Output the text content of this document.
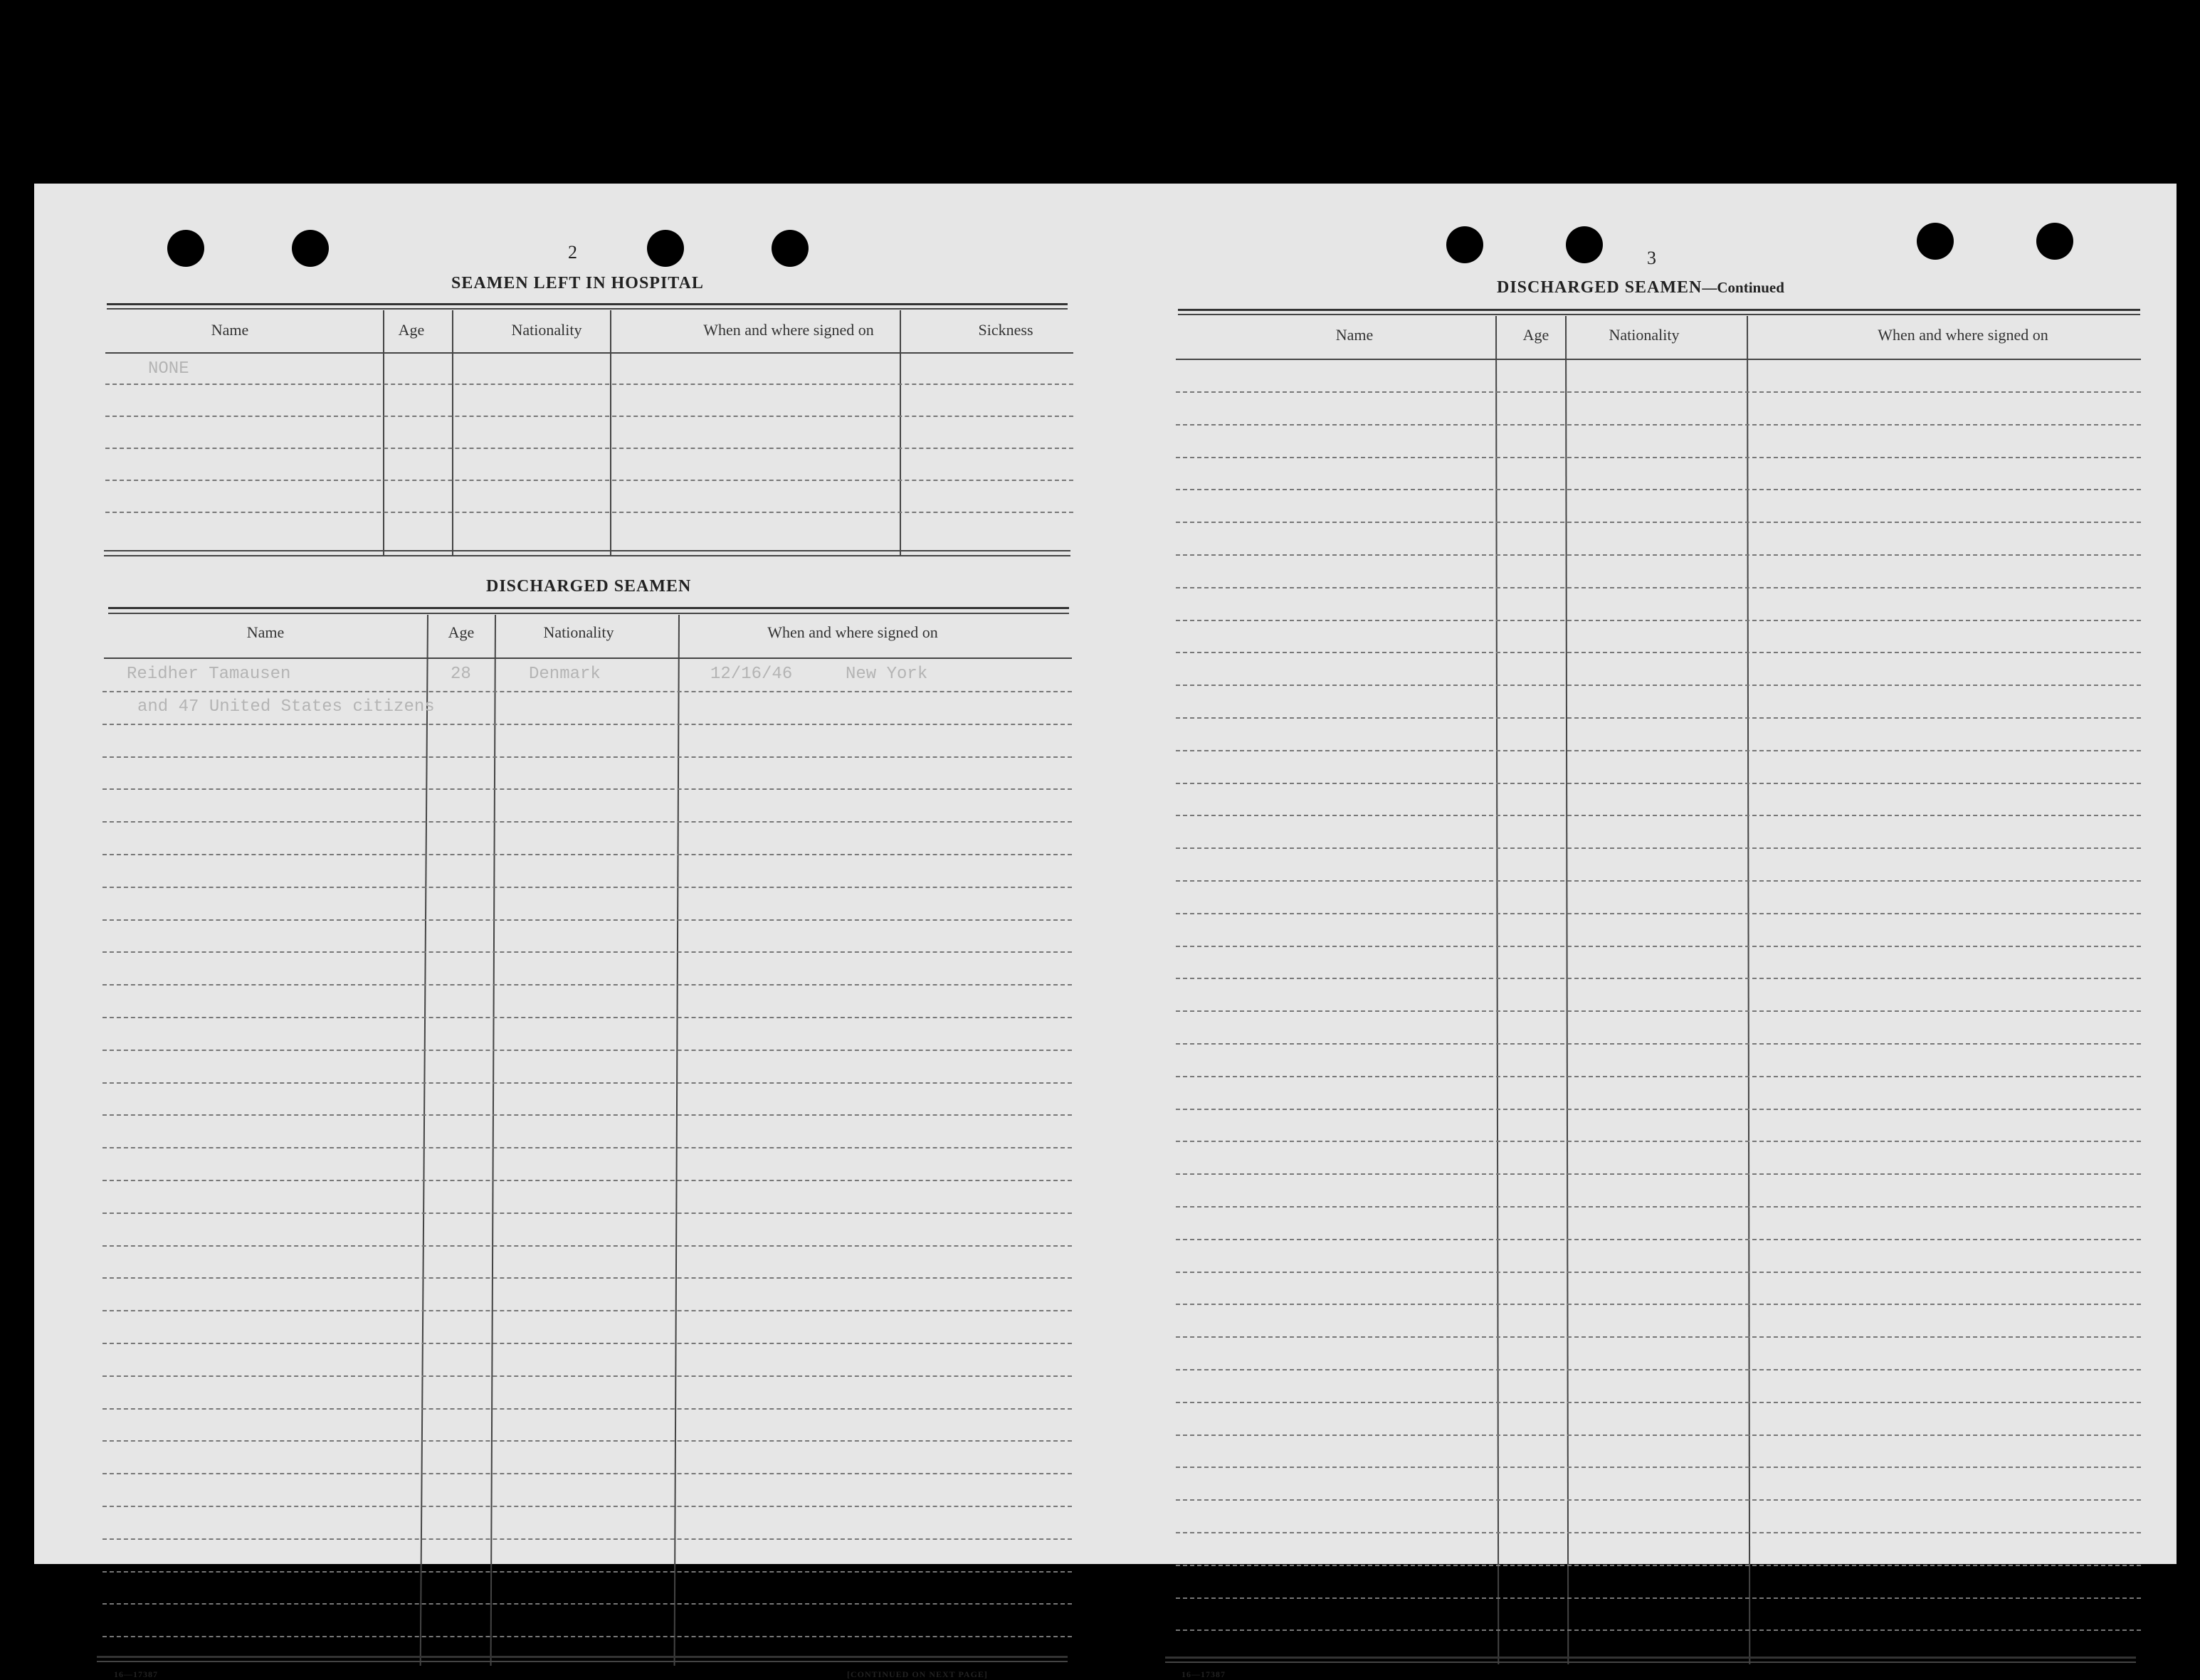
2
SEAMEN LEFT IN HOSPITAL
Name	Age	Nationality	When and where signed on	Sickness
NONE
DISCHARGED SEAMEN
Name	Age	Nationality	When and where signed on
Reidher Tamausen	28	Denmark	12/16/46	New York
and 47 United States citizens
16—17387	[CONTINUED ON NEXT PAGE]
3
DISCHARGED SEAMEN—Continued
Name	Age	Nationality	When and where signed on
16—17387
